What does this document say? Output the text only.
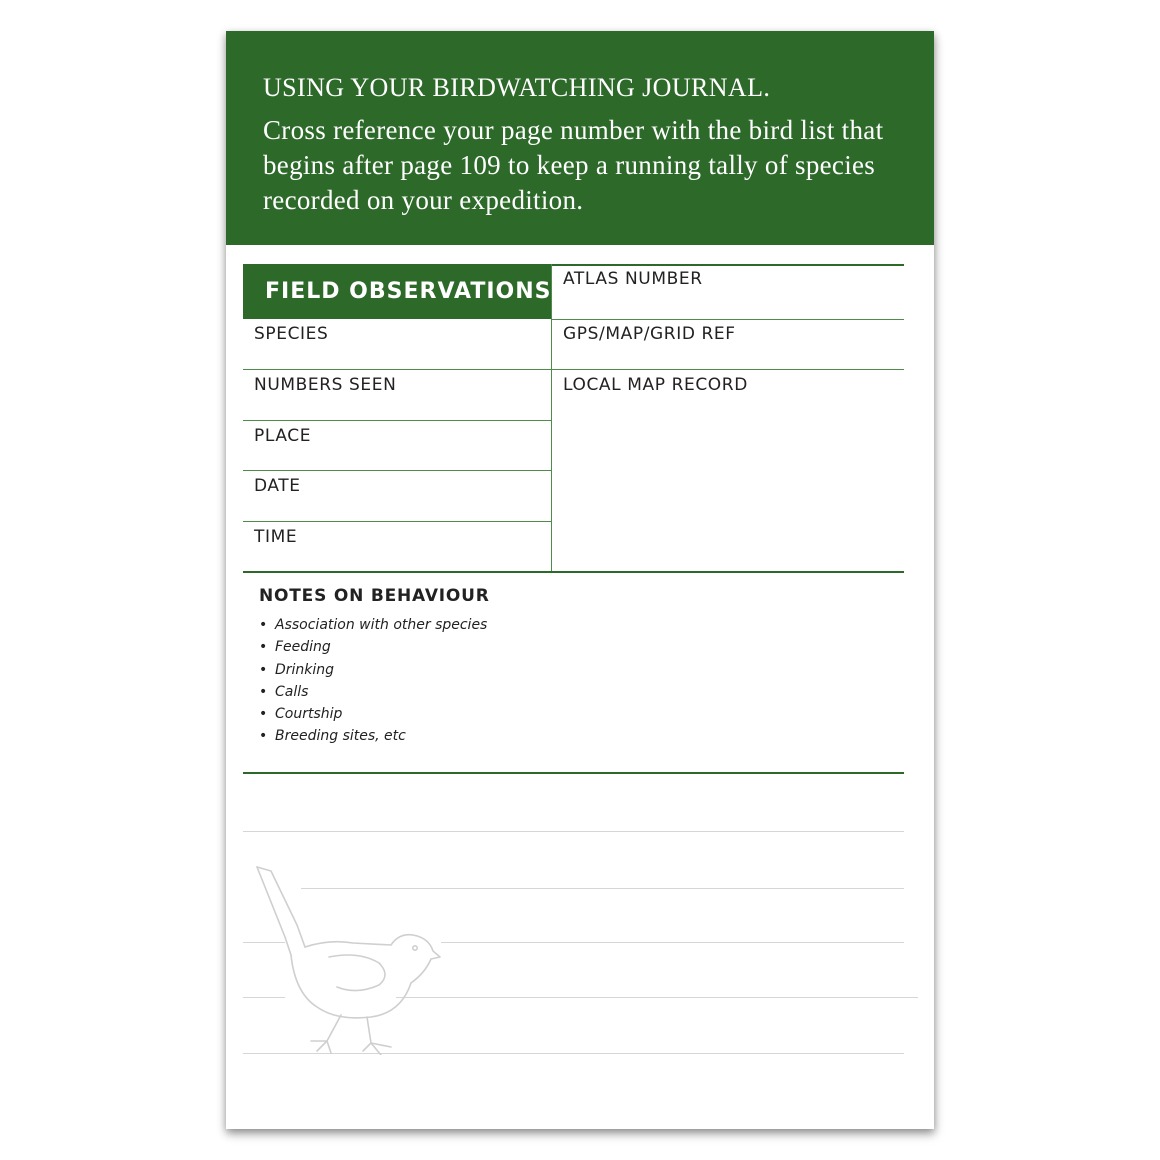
USING YOUR BIRDWATCHING JOURNAL.
Cross reference your page number with the bird list that begins after page 109 to keep a running tally of species recorded on your expedition.
FIELD OBSERVATIONS ATLAS NUMBER
GPS/MAP/GRID REF
LOCAL MAP RECORD
SPECIES
NUMBERS SEEN
PLACE
DATE
TIME
NOTES ON BEHAVIOUR
• Association with other species
• Feeding
• Drinking
• Calls
• Courtship
• Breeding sites, etc
